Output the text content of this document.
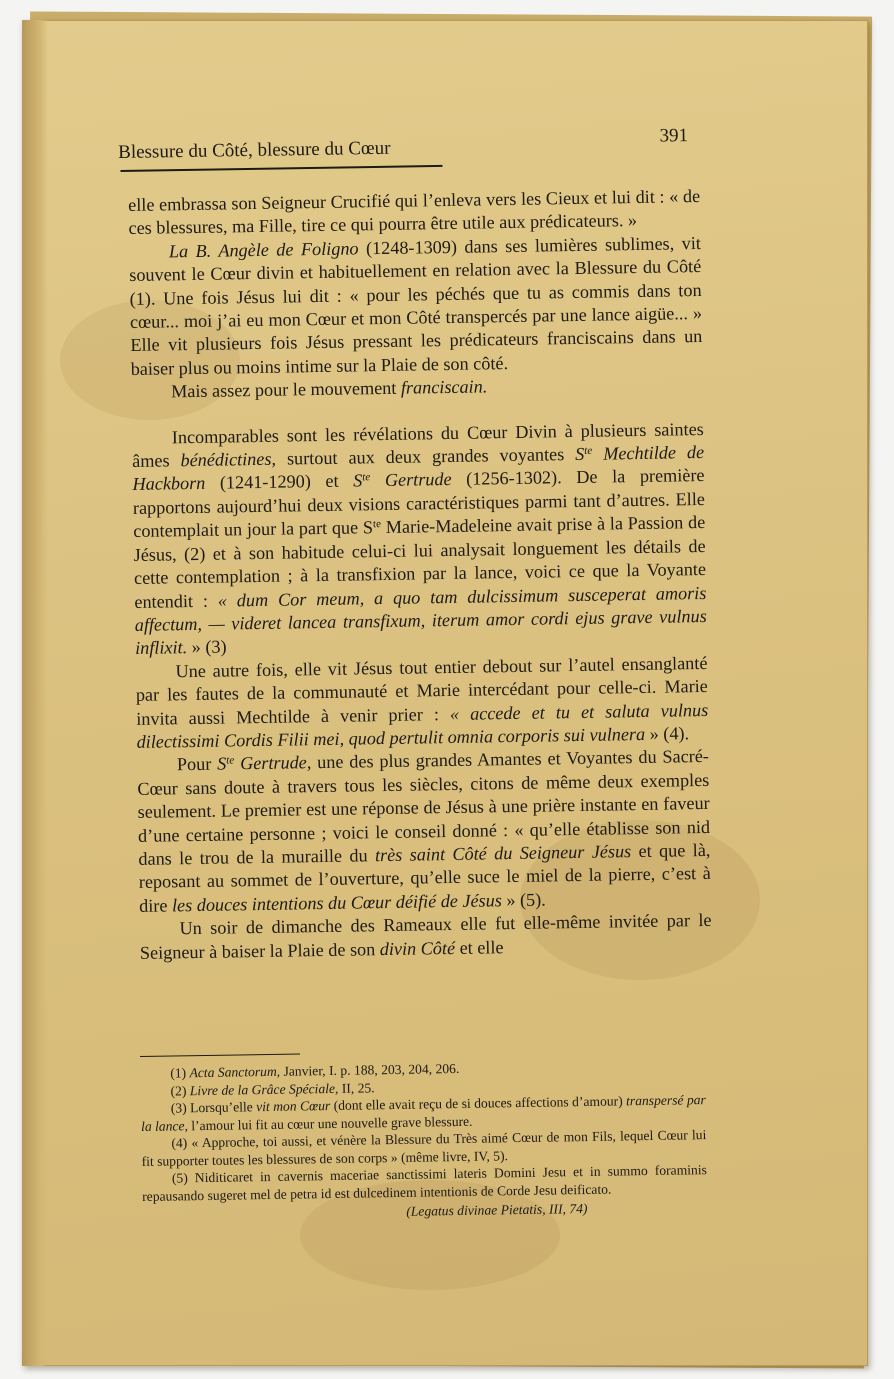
Blessure du Côté, blessure du Cœur
391

elle embrassa son Seigneur Crucifié qui l’enleva vers les Cieux et lui dit : « de ces blessures, ma Fille, tire ce qui pourra être utile aux prédicateurs. »

La B. Angèle de Foligno (1248-1309) dans ses lumières sublimes, vit souvent le Cœur divin et habituellement en relation avec la Blessure du Côté (1). Une fois Jésus lui dit : « pour les péchés que tu as commis dans ton cœur... moi j’ai eu mon Cœur et mon Côté transpercés par une lance aigüe... » Elle vit plusieurs fois Jésus pressant les prédicateurs franciscains dans un baiser plus ou moins intime sur la Plaie de son côté.

Mais assez pour le mouvement franciscain.

Incomparables sont les révélations du Cœur Divin à plusieurs saintes âmes bénédictines, surtout aux deux grandes voyantes $S^{te}$ Mechtilde de Hackborn (1241-1290) et $S^{te}$ Gertrude (1256-1302). De la première rapportons aujourd’hui deux visions caractéristiques parmi tant d’autres. Elle contemplait un jour la part que $S^{te}$ Marie-Madeleine avait prise à la Passion de Jésus, (2) et à son habitude celui-ci lui analysait longuement les détails de cette contemplation ; à la transfixion par la lance, voici ce que la Voyante entendit : « dum Cor meum, a quo tam dulcissimum susceperat amoris affectum, — videret lancea transfixum, iterum amor cordi ejus grave vulnus inflixit. » (3)

Une autre fois, elle vit Jésus tout entier debout sur l’autel ensanglanté par les fautes de la communauté et Marie intercédant pour celle-ci. Marie invita aussi Mechtilde à venir prier : « accede et tu et saluta vulnus dilectissimi Cordis Filii mei, quod pertulit omnia corporis sui vulnera » (4).

Pour $S^{te}$ Gertrude, une des plus grandes Amantes et Voyantes du Sacré-Cœur sans doute à travers tous les siècles, citons de même deux exemples seulement. Le premier est une réponse de Jésus à une prière instante en faveur d’une certaine personne ; voici le conseil donné : « qu’elle établisse son nid dans le trou de la muraille du très saint Côté du Seigneur Jésus et que là, reposant au sommet de l’ouverture, qu’elle suce le miel de la pierre, c’est à dire les douces intentions du Cœur déifié de Jésus » (5).

Un soir de dimanche des Rameaux elle fut elle-même invitée par le Seigneur à baiser la Plaie de son divin Côté et elle

(1) Acta Sanctorum, Janvier, I. p. 188, 203, 204, 206.

(2) Livre de la Grâce Spéciale, II, 25.

(3) Lorsqu’elle vit mon Cœur (dont elle avait reçu de si douces affections d’amour) transpersé par la lance, l’amour lui fit au cœur une nouvelle grave blessure.

(4) « Approche, toi aussi, et vénère la Blessure du Très aimé Cœur de mon Fils, lequel Cœur lui fit supporter toutes les blessures de son corps » (même livre, IV, 5).

(5) Niditicaret in cavernis maceriae sanctissimi lateris Domini Jesu et in summo foraminis repausando sugeret mel de petra id est dulcedinem intentionis de Corde Jesu deificato.

(Legatus divinae Pietatis, III, 74)
